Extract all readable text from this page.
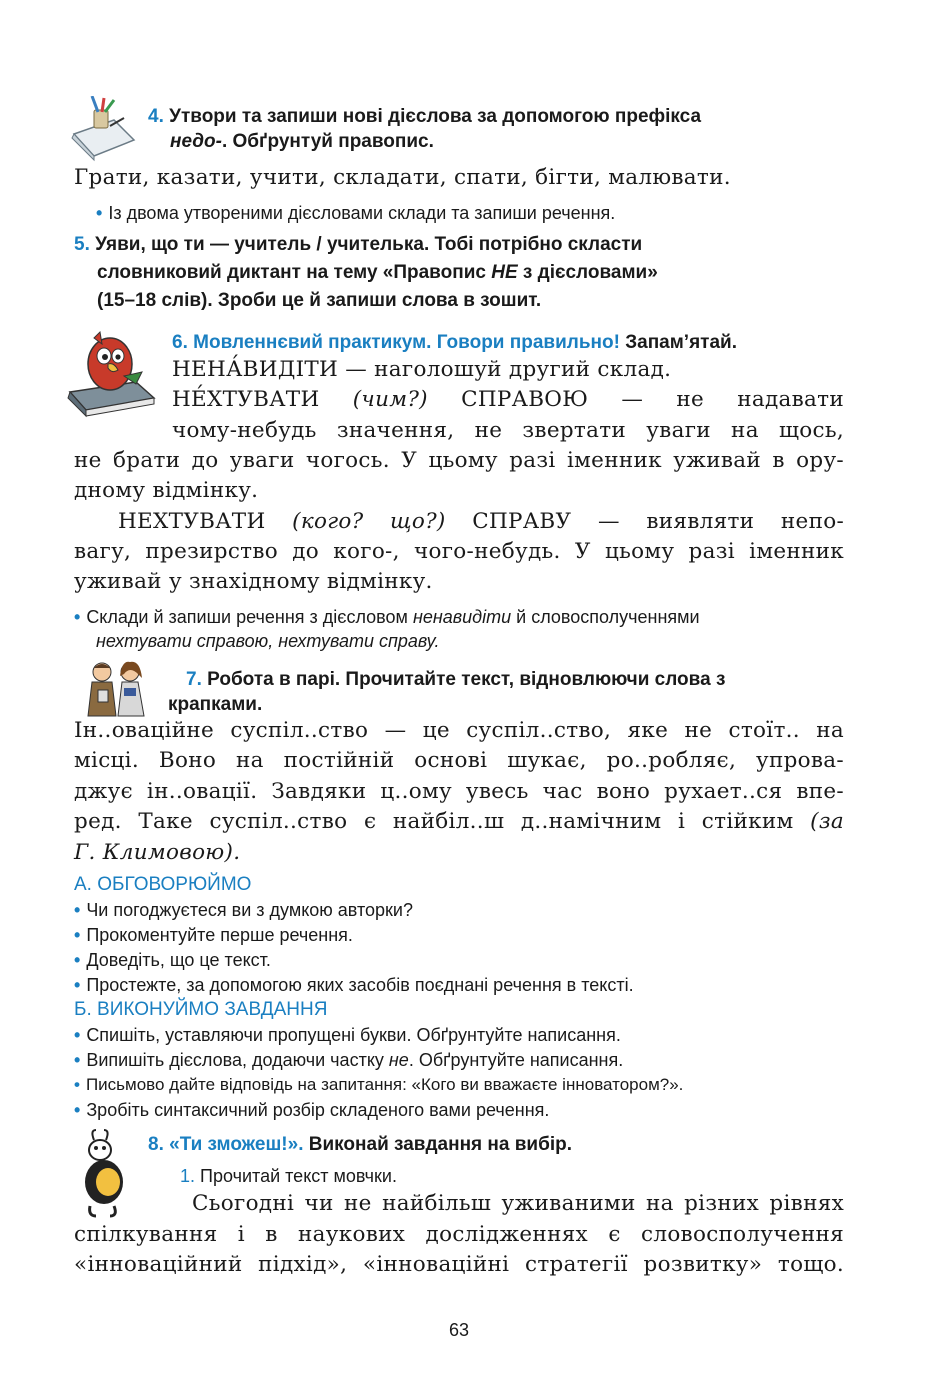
4. Утвори та запиши нові дієслова за допомогою префікса
недо-. Обґрунтуй правопис.
Грати, казати, учити, складати, спати, бігти, малювати.
• Із двома утвореними дієсловами склади та запиши речення.
5. Уяви, що ти — учитель / учителька. Тобі потрібно скласти
словниковий диктант на тему «Правопис НЕ з дієсловами»
(15–18 слів). Зроби це й запиши слова в зошит.
6. Мовленнєвий практикум. Говори правильно! Запам’ятай.
НЕНА́ВИДІТИ — наголошуй другий склад.
НЕ́ХТУВАТИ (чим?) СПРАВОЮ — не надавати
чому-небудь значення, не звертати уваги на щось,
не брати до уваги чогось. У цьому разі іменник уживай в ору-
дному відмінку.
НЕХТУВАТИ (кого? що?) СПРАВУ — виявляти непо-
вагу, презирство до кого-, чого-небудь. У цьому разі іменник
уживай у знахідному відмінку.
• Склади й запиши речення з дієсловом ненавидіти й словосполученнями
нехтувати справою, нехтувати справу.
7. Робота в парі. Прочитайте текст, відновлюючи слова з
крапками.
Ін..оваційне суспіл..ство — це суспіл..ство, яке не стоїт.. на
місці. Воно на постійній основі шукає, ро..робляє, упрова-
джує ін..овації. Завдяки ц..ому увесь час воно рухает..ся впе-
ред. Таке суспіл..ство є найбіл..ш д..намічним і стійким (за
Г. Климовою).
А. ОБГОВОРЮЙМО
• Чи погоджуєтеся ви з думкою авторки?
• Прокоментуйте перше речення.
• Доведіть, що це текст.
• Простежте, за допомогою яких засобів поєднані речення в тексті.
Б. ВИКОНУЙМО ЗАВДАННЯ
• Спишіть, уставляючи пропущені букви. Обґрунтуйте написання.
• Випишіть дієслова, додаючи частку не. Обґрунтуйте написання.
• Письмово дайте відповідь на запитання: «Кого ви вважаєте інноватором?».
• Зробіть синтаксичний розбір складеного вами речення.
8. «Ти зможеш!». Виконай завдання на вибір.
1. Прочитай текст мовчки.
Сьогодні чи не найбільш уживаними на різних рівнях
спілкування і в наукових дослідженнях є словосполучення
«інноваційний підхід», «інноваційні стратегії розвитку» тощо.
63
